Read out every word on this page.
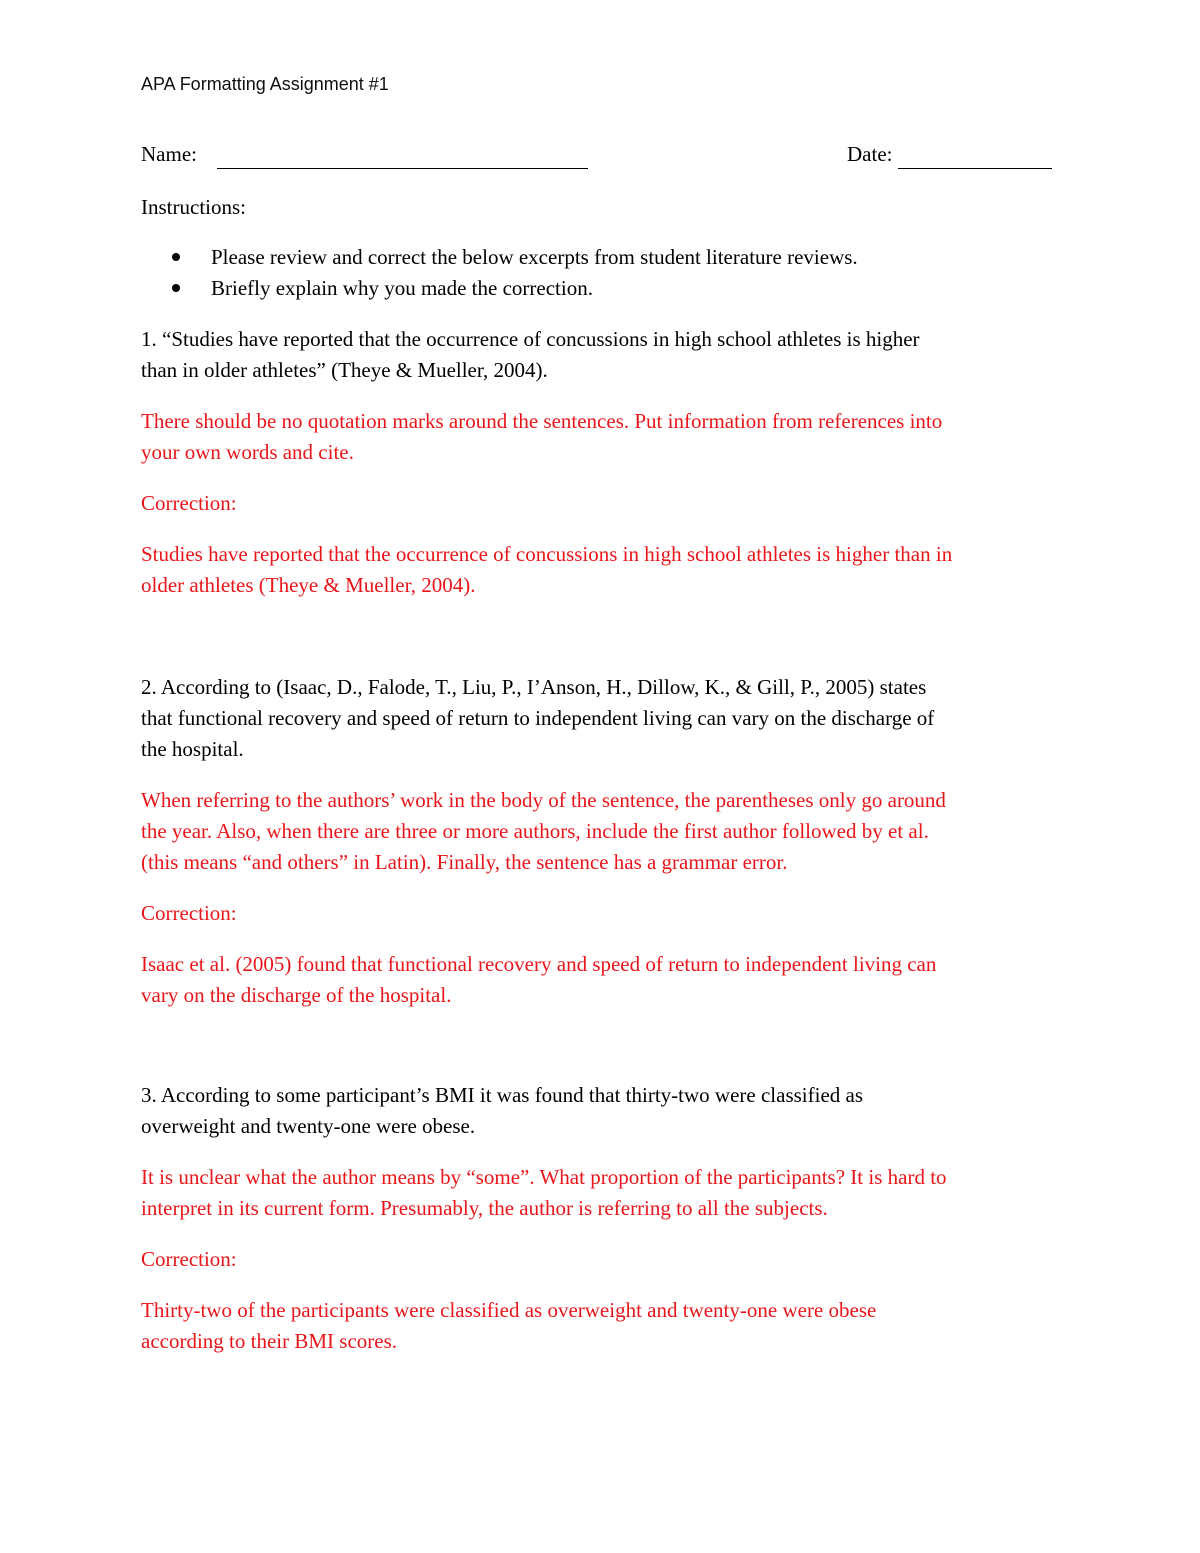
APA Formatting Assignment #1
Name:	Date:
Instructions:
Please review and correct the below excerpts from student literature reviews.
Briefly explain why you made the correction.
1. “Studies have reported that the occurrence of concussions in high school athletes is higher
than in older athletes” (Theye & Mueller, 2004).
There should be no quotation marks around the sentences. Put information from references into
your own words and cite.
Correction:
Studies have reported that the occurrence of concussions in high school athletes is higher than in
older athletes (Theye & Mueller, 2004).
2. According to (Isaac, D., Falode, T., Liu, P., I’Anson, H., Dillow, K., & Gill, P., 2005) states
that functional recovery and speed of return to independent living can vary on the discharge of
the hospital.
When referring to the authors’ work in the body of the sentence, the parentheses only go around
the year. Also, when there are three or more authors, include the first author followed by et al.
(this means “and others” in Latin). Finally, the sentence has a grammar error.
Correction:
Isaac et al. (2005) found that functional recovery and speed of return to independent living can
vary on the discharge of the hospital.
3. According to some participant’s BMI it was found that thirty-two were classified as
overweight and twenty-one were obese.
It is unclear what the author means by “some”. What proportion of the participants? It is hard to
interpret in its current form. Presumably, the author is referring to all the subjects.
Correction:
Thirty-two of the participants were classified as overweight and twenty-one were obese
according to their BMI scores.
